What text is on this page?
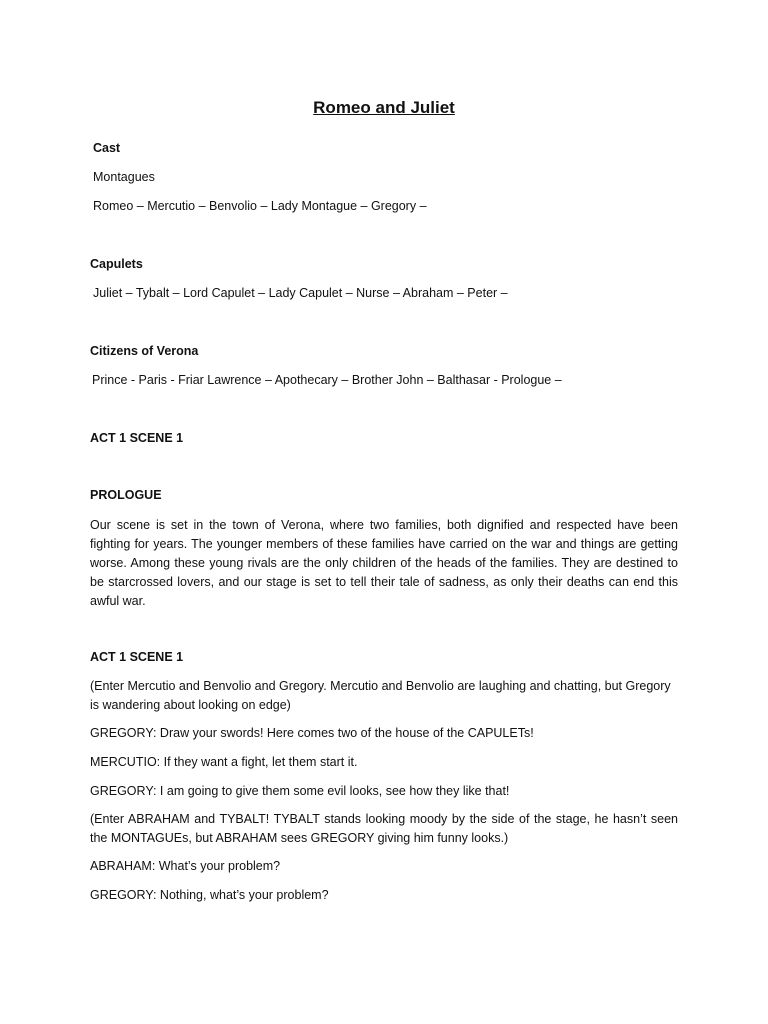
Romeo and Juliet
Cast
Montagues
Romeo – Mercutio – Benvolio – Lady Montague – Gregory –
Capulets
Juliet – Tybalt – Lord Capulet – Lady Capulet – Nurse – Abraham – Peter –
Citizens of Verona
Prince - Paris - Friar Lawrence – Apothecary – Brother John – Balthasar - Prologue –
ACT 1 SCENE 1
PROLOGUE
Our scene is set in the town of Verona, where two families, both dignified and respected have been fighting for years. The younger members of these families have carried on the war and things are getting worse. Among these young rivals are the only children of the heads of the families. They are destined to be starcrossed lovers, and our stage is set to tell their tale of sadness, as only their deaths can end this awful war.
ACT 1 SCENE 1
(Enter Mercutio and Benvolio and Gregory. Mercutio and Benvolio are laughing and chatting, but Gregory is wandering about looking on edge)
GREGORY: Draw your swords! Here comes two of the house of the CAPULETs!
MERCUTIO: If they want a fight, let them start it.
GREGORY: I am going to give them some evil looks, see how they like that!
(Enter ABRAHAM and TYBALT! TYBALT stands looking moody by the side of the stage, he hasn’t seen the MONTAGUEs, but ABRAHAM sees GREGORY giving him funny looks.)
ABRAHAM: What’s your problem?
GREGORY: Nothing, what’s your problem?
